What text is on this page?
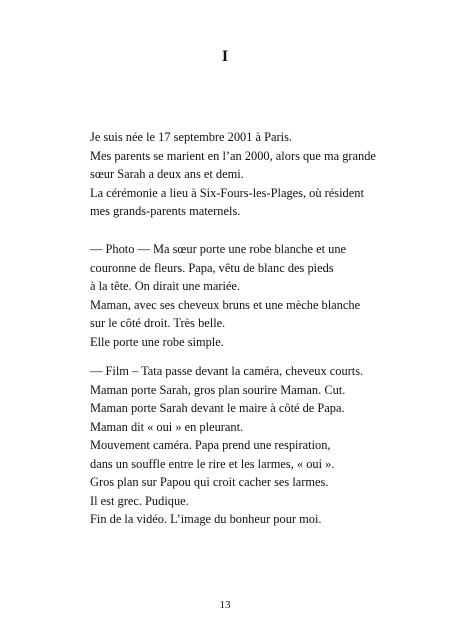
I

Je suis née le 17 septembre 2001 à Paris.
Mes parents se marient en l’an 2000, alors que ma grande
sœur Sarah a deux ans et demi.
La cérémonie a lieu à Six-Fours-les-Plages, où résident
mes grands-parents maternels.

— Photo — Ma sœur porte une robe blanche et une
couronne de fleurs. Papa, vêtu de blanc des pieds
à la tête. On dirait une mariée.
Maman, avec ses cheveux bruns et une mèche blanche
sur le côté droit. Très belle.
Elle porte une robe simple.

— Film – Tata passe devant la caméra, cheveux courts.
Maman porte Sarah, gros plan sourire Maman. Cut.
Maman porte Sarah devant le maire à côté de Papa.
Maman dit « oui » en pleurant.
Mouvement caméra. Papa prend une respiration,
dans un souffle entre le rire et les larmes, « oui ».
Gros plan sur Papou qui croit cacher ses larmes.
Il est grec. Pudique.
Fin de la vidéo. L’image du bonheur pour moi.

13
